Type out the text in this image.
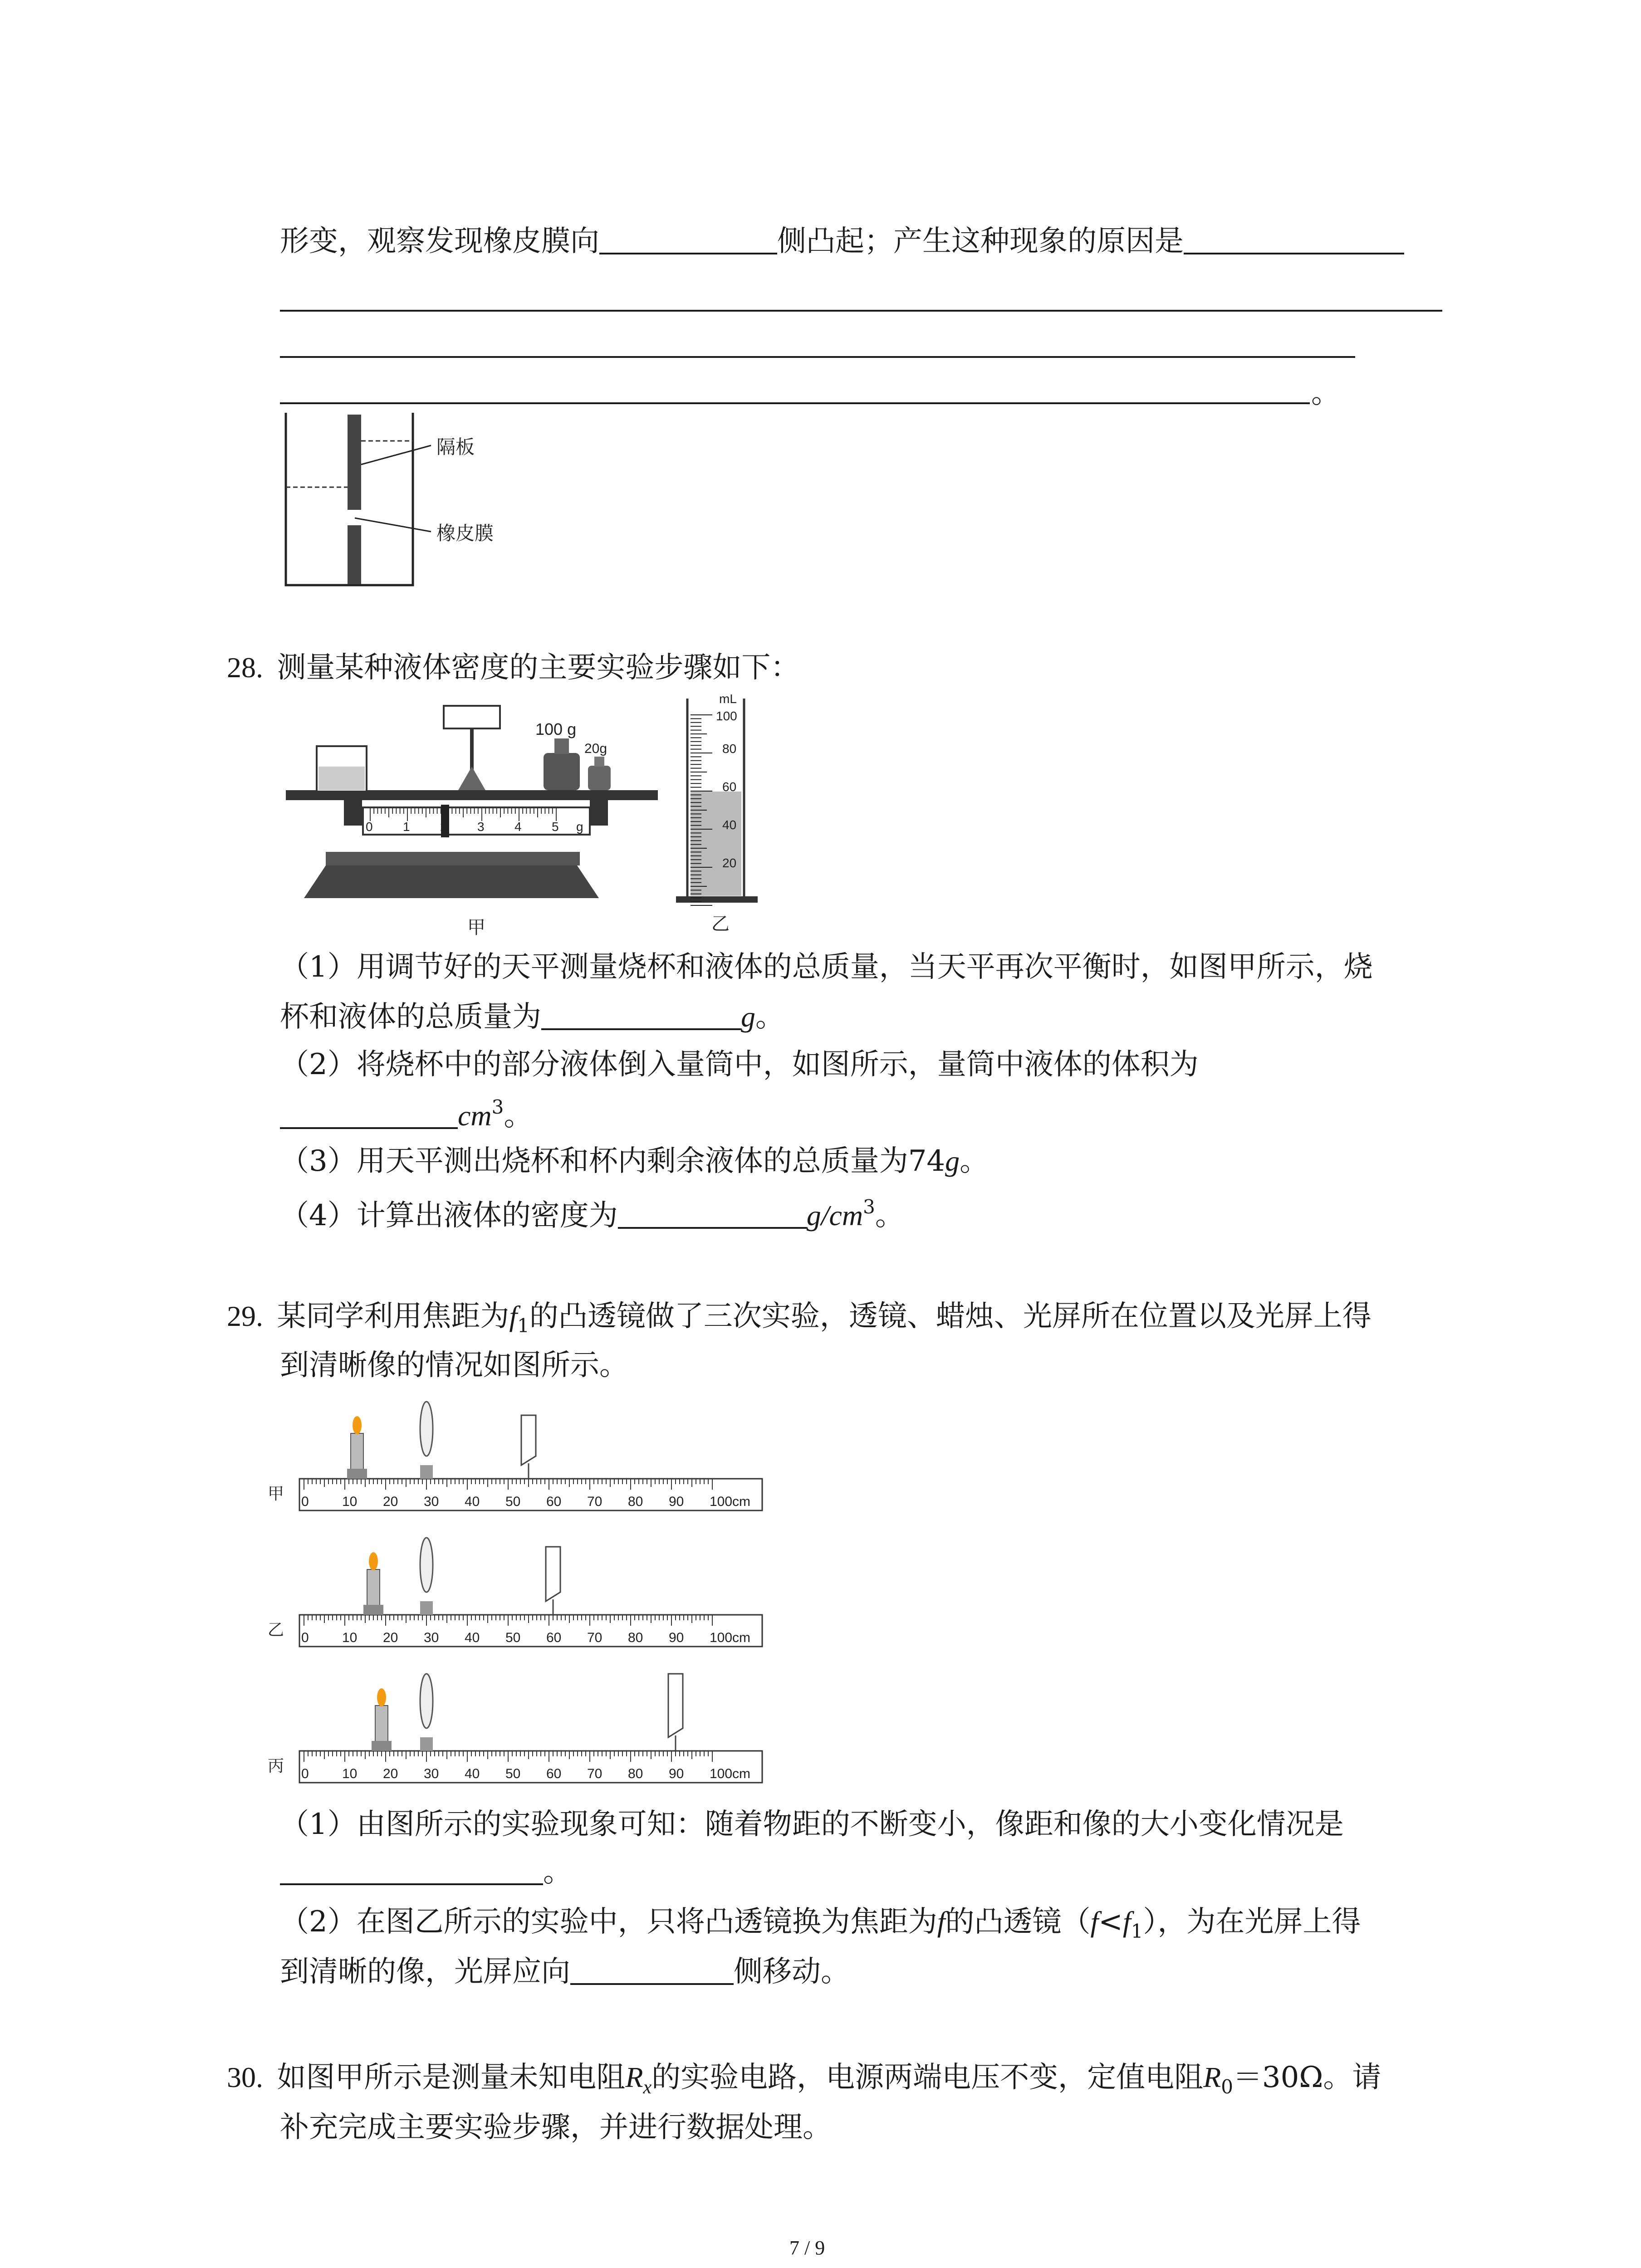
形变，观察发现橡皮膜向	侧凸起；产生这种现象的原因是
。
隔板
橡皮膜
28. 测量某种液体密度的主要实验步骤如下：
100 g
20g
0 1 2 3 4 5 g
mL
100
80
60
40
20
甲	乙
（1）用调节好的天平测量烧杯和液体的总质量，当天平再次平衡时，如图甲所示，烧
杯和液体的总质量为	g。
（2）将烧杯中的部分液体倒入量筒中，如图所示，量筒中液体的体积为
$cm^3$。
（3）用天平测出烧杯和杯内剩余液体的总质量为74g。
（4）计算出液体的密度为	$g/cm^3$。
29. 某同学利用焦距为$f_1$的凸透镜做了三次实验，透镜、蜡烛、光屏所在位置以及光屏上得
到清晰像的情况如图所示。
0 10 20 30 40 50 60 70 80 90 100cm
甲
0 10 20 30 40 50 60 70 80 90 100cm
乙
0 10 20 30 40 50 60 70 80 90 100cm
丙
（1）由图所示的实验现象可知：随着物距的不断变小，像距和像的大小变化情况是
。
（2）在图乙所示的实验中，只将凸透镜换为焦距为f的凸透镜$(f<f_1)$，为在光屏上得
到清晰的像，光屏应向	侧移动。
30. 如图甲所示是测量未知电阻$R_x$的实验电路，电源两端电压不变，定值电阻$R_0=30\Omega$。请
补充完成主要实验步骤，并进行数据处理。
7 / 9
